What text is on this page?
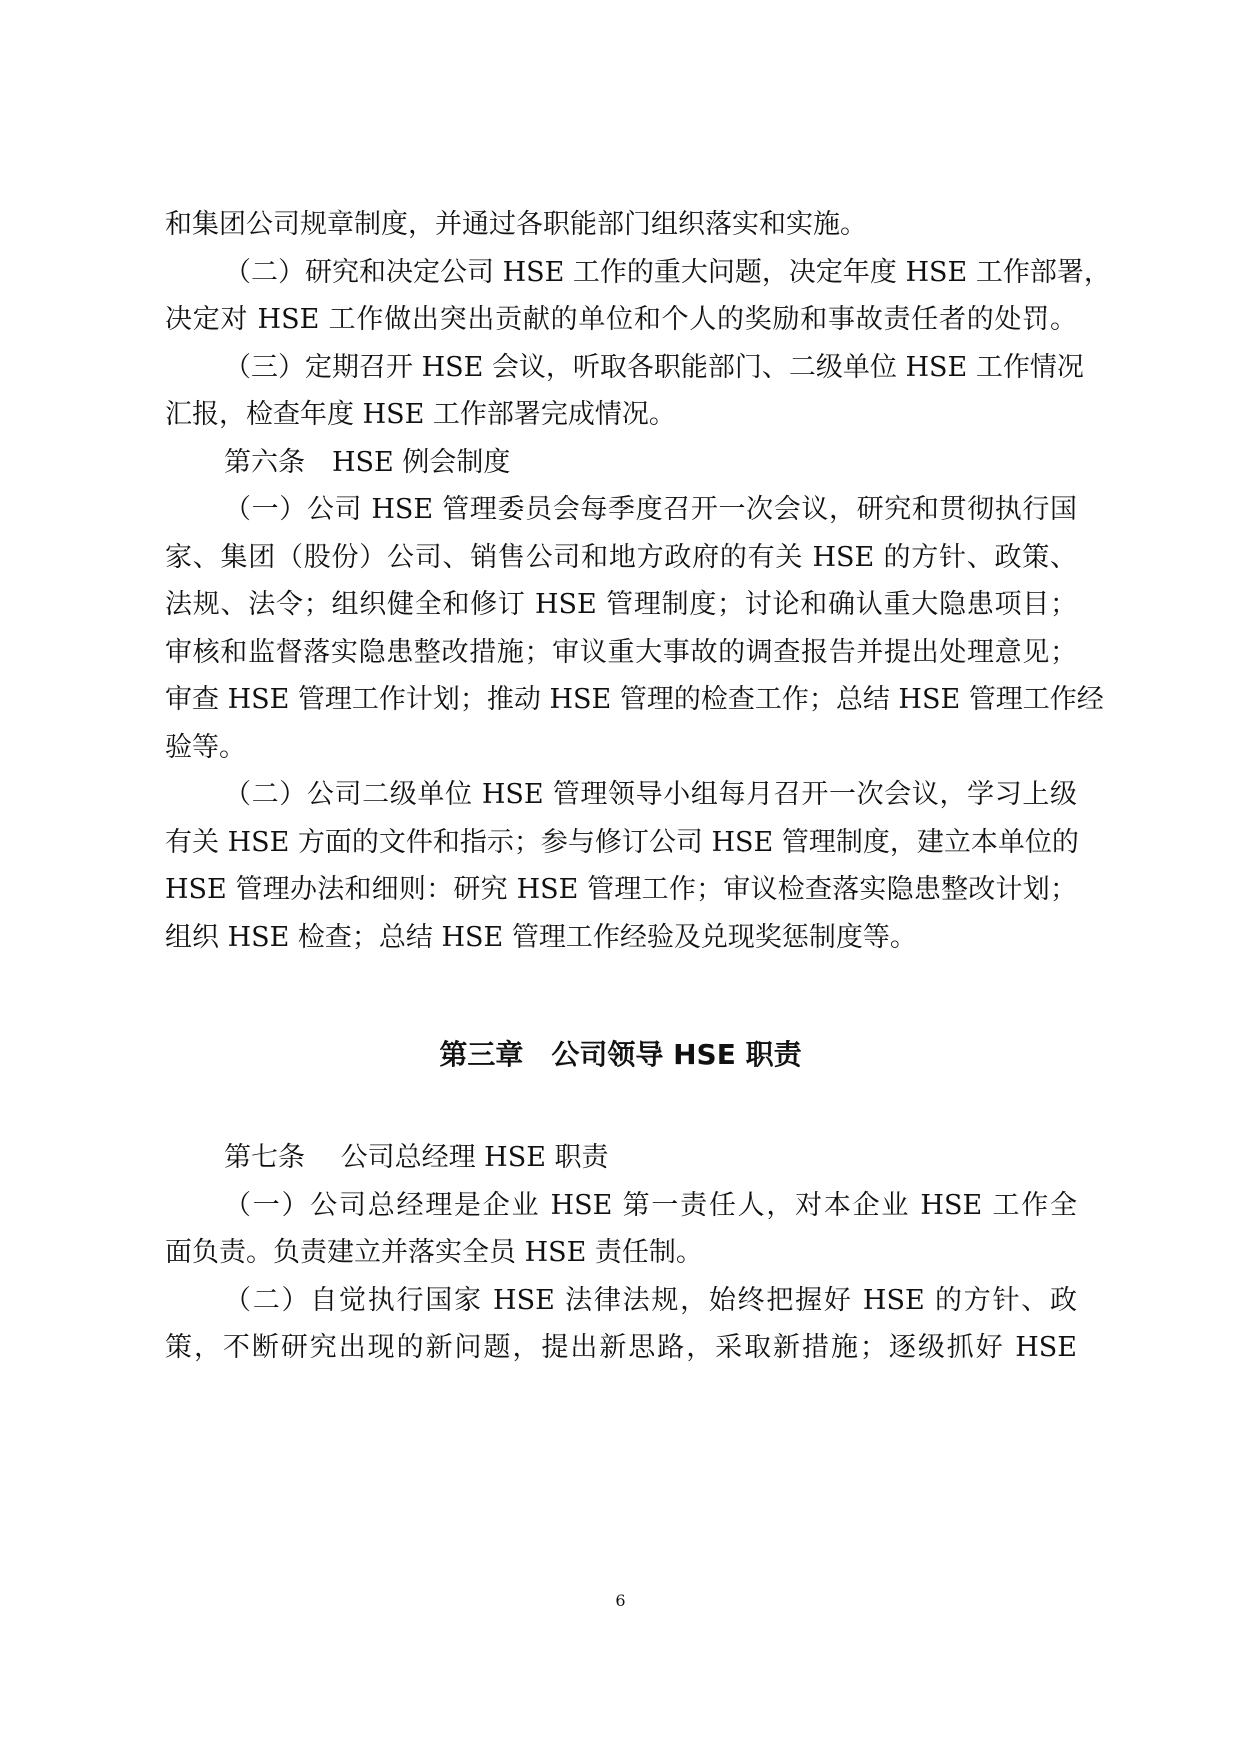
和集团公司规章制度，并通过各职能部门组织落实和实施。
（二）研究和决定公司 HSE 工作的重大问题，决定年度 HSE 工作部署，
决定对 HSE 工作做出突出贡献的单位和个人的奖励和事故责任者的处罚。
（三）定期召开 HSE 会议，听取各职能部门、二级单位 HSE 工作情况
汇报，检查年度 HSE 工作部署完成情况。
第六条　HSE 例会制度
（一）公司 HSE 管理委员会每季度召开一次会议，研究和贯彻执行国
家、集团（股份）公司、销售公司和地方政府的有关 HSE 的方针、政策、
法规、法令；组织健全和修订 HSE 管理制度；讨论和确认重大隐患项目；
审核和监督落实隐患整改措施；审议重大事故的调查报告并提出处理意见；
审查 HSE 管理工作计划；推动 HSE 管理的检查工作；总结 HSE 管理工作经
验等。
（二）公司二级单位 HSE 管理领导小组每月召开一次会议，学习上级
有关 HSE 方面的文件和指示；参与修订公司 HSE 管理制度，建立本单位的
HSE 管理办法和细则：研究 HSE 管理工作；审议检查落实隐患整改计划；
组织 HSE 检查；总结 HSE 管理工作经验及兑现奖惩制度等。
第三章　公司领导 HSE 职责
第七条　 公司总经理 HSE 职责
（一）公司总经理是企业 HSE 第一责任人，对本企业 HSE 工作全
面负责。负责建立并落实全员 HSE 责任制。
（二）自觉执行国家 HSE 法律法规，始终把握好 HSE 的方针、政
策，不断研究出现的新问题，提出新思路，采取新措施；逐级抓好 HSE
6
